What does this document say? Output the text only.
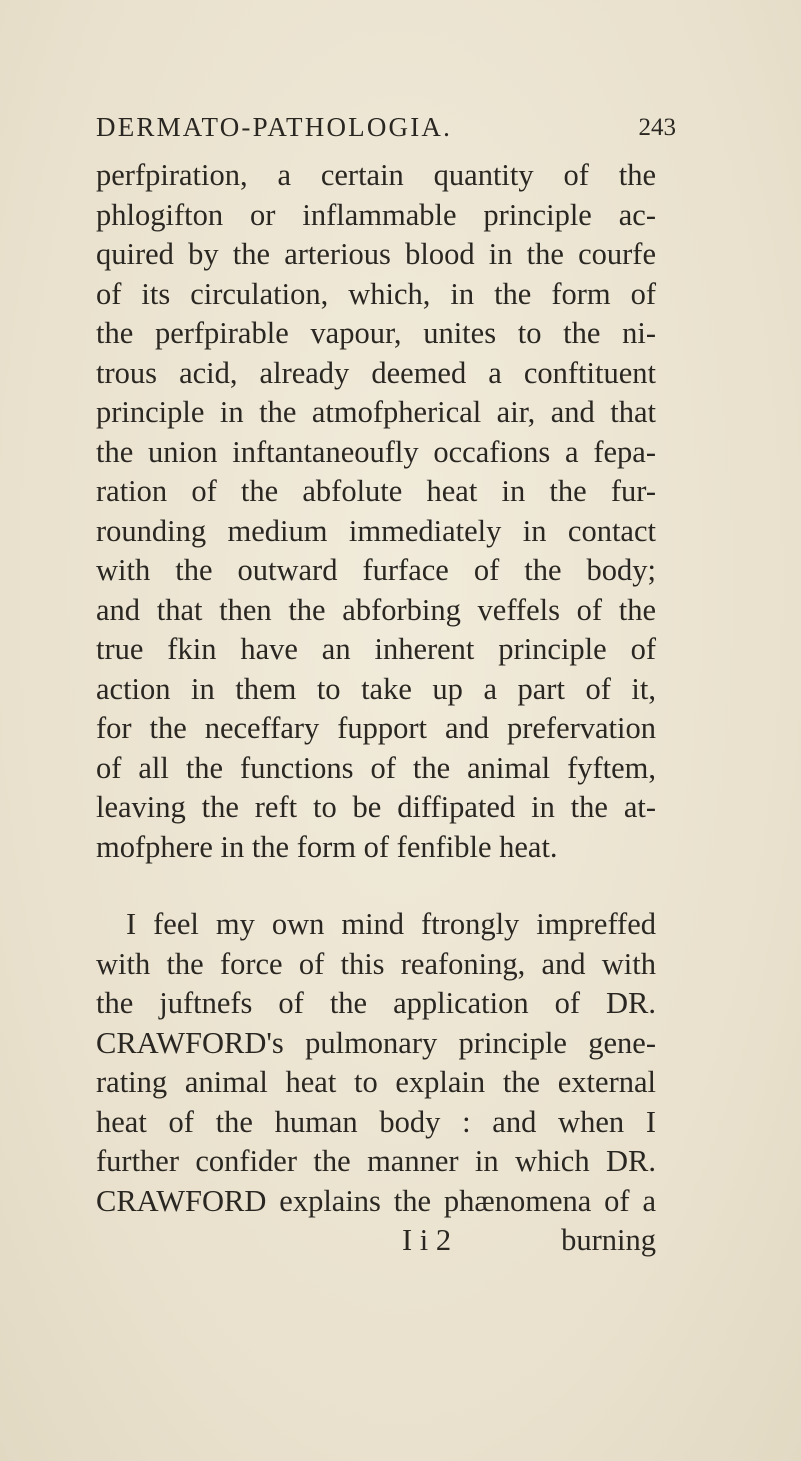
DERMATO-PATHOLOGIA.	243
perfpiration, a certain quantity of the
phlogifton or inflammable principle ac-
quired by the arterious blood in the courfe
of its circulation, which, in the form of
the perfpirable vapour, unites to the ni-
trous acid, already deemed a conftituent
principle in the atmofpherical air, and that
the union inftantaneoufly occafions a fepa-
ration of the abfolute heat in the fur-
rounding medium immediately in contact
with the outward furface of the body;
and that then the abforbing veffels of the
true fkin have an inherent principle of
action in them to take up a part of it,
for the neceffary fupport and prefervation
of all the functions of the animal fyftem,
leaving the reft to be diffipated in the at-
mofphere in the form of fenfible heat.
I feel my own mind ftrongly impreffed
with the force of this reafoning, and with
the juftnefs of the application of DR.
CRAWFORD's pulmonary principle gene-
rating animal heat to explain the external
heat of the human body : and when I
further confider the manner in which DR.
CRAWFORD explains the phænomena of a
I i 2	burning
